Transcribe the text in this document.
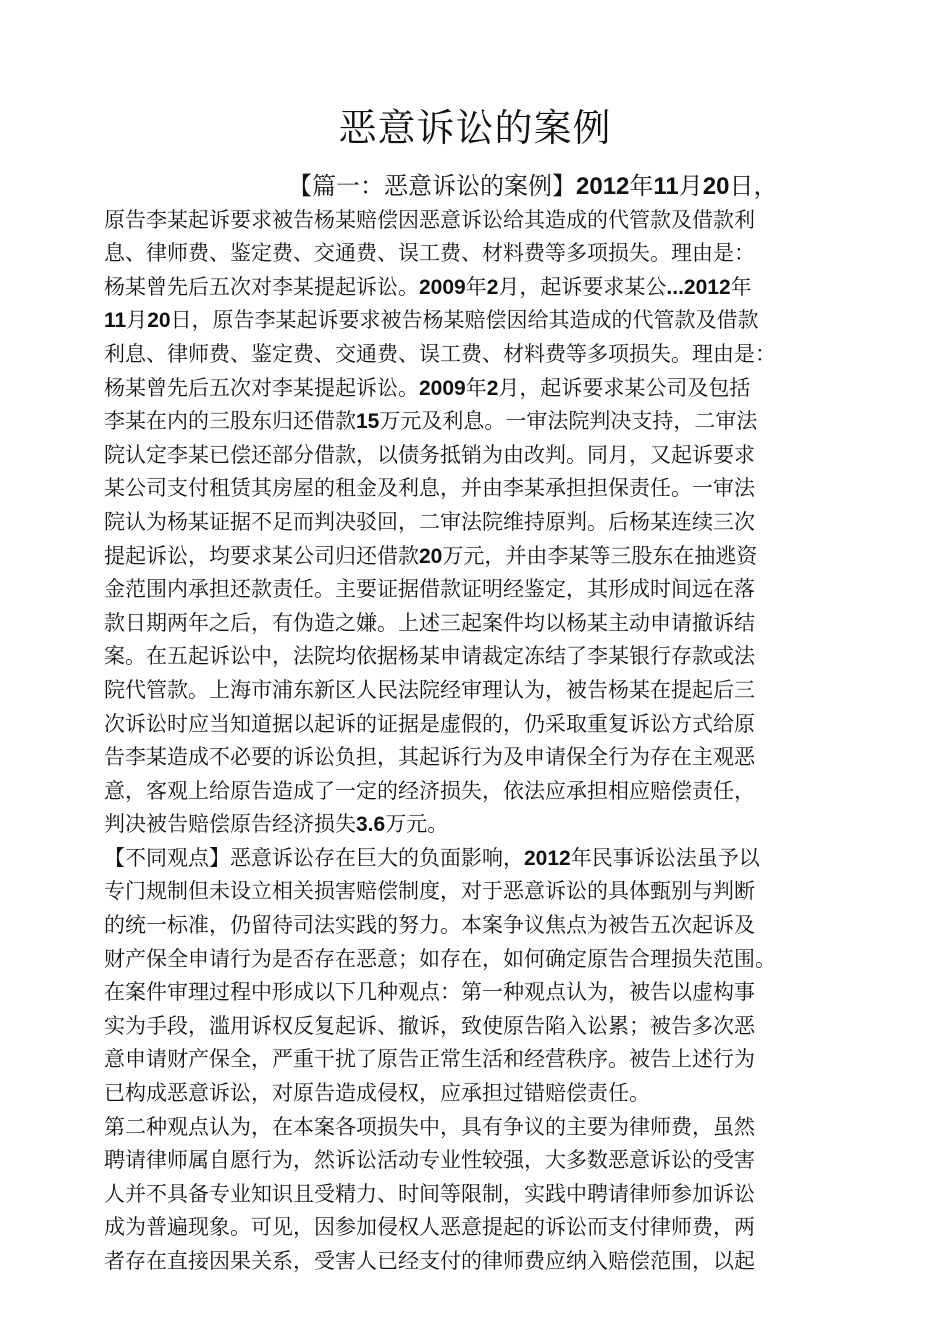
恶意诉讼的案例
【篇一：恶意诉讼的案例】2012年11月20日，
原告李某起诉要求被告杨某赔偿因恶意诉讼给其造成的代管款及借款利
息、律师费、鉴定费、交通费、误工费、材料费等多项损失。理由是：
杨某曾先后五次对李某提起诉讼。2009年2月，起诉要求某公...2012年
11月20日，原告李某起诉要求被告杨某赔偿因给其造成的代管款及借款
利息、律师费、鉴定费、交通费、误工费、材料费等多项损失。理由是：
杨某曾先后五次对李某提起诉讼。2009年2月，起诉要求某公司及包括
李某在内的三股东归还借款15万元及利息。一审法院判决支持，二审法
院认定李某已偿还部分借款，以债务抵销为由改判。同月，又起诉要求
某公司支付租赁其房屋的租金及利息，并由李某承担担保责任。一审法
院认为杨某证据不足而判决驳回，二审法院维持原判。后杨某连续三次
提起诉讼，均要求某公司归还借款20万元，并由李某等三股东在抽逃资
金范围内承担还款责任。主要证据借款证明经鉴定，其形成时间远在落
款日期两年之后，有伪造之嫌。上述三起案件均以杨某主动申请撤诉结
案。在五起诉讼中，法院均依据杨某申请裁定冻结了李某银行存款或法
院代管款。上海市浦东新区人民法院经审理认为，被告杨某在提起后三
次诉讼时应当知道据以起诉的证据是虚假的，仍采取重复诉讼方式给原
告李某造成不必要的诉讼负担，其起诉行为及申请保全行为存在主观恶
意，客观上给原告造成了一定的经济损失，依法应承担相应赔偿责任，
判决被告赔偿原告经济损失3.6万元。
【不同观点】恶意诉讼存在巨大的负面影响，2012年民事诉讼法虽予以
专门规制但未设立相关损害赔偿制度，对于恶意诉讼的具体甄别与判断
的统一标准，仍留待司法实践的努力。本案争议焦点为被告五次起诉及
财产保全申请行为是否存在恶意；如存在，如何确定原告合理损失范围。
在案件审理过程中形成以下几种观点：第一种观点认为，被告以虚构事
实为手段，滥用诉权反复起诉、撤诉，致使原告陷入讼累；被告多次恶
意申请财产保全，严重干扰了原告正常生活和经营秩序。被告上述行为
已构成恶意诉讼，对原告造成侵权，应承担过错赔偿责任。
第二种观点认为，在本案各项损失中，具有争议的主要为律师费，虽然
聘请律师属自愿行为，然诉讼活动专业性较强，大多数恶意诉讼的受害
人并不具备专业知识且受精力、时间等限制，实践中聘请律师参加诉讼
成为普遍现象。可见，因参加侵权人恶意提起的诉讼而支付律师费，两
者存在直接因果关系，受害人已经支付的律师费应纳入赔偿范围，以起
